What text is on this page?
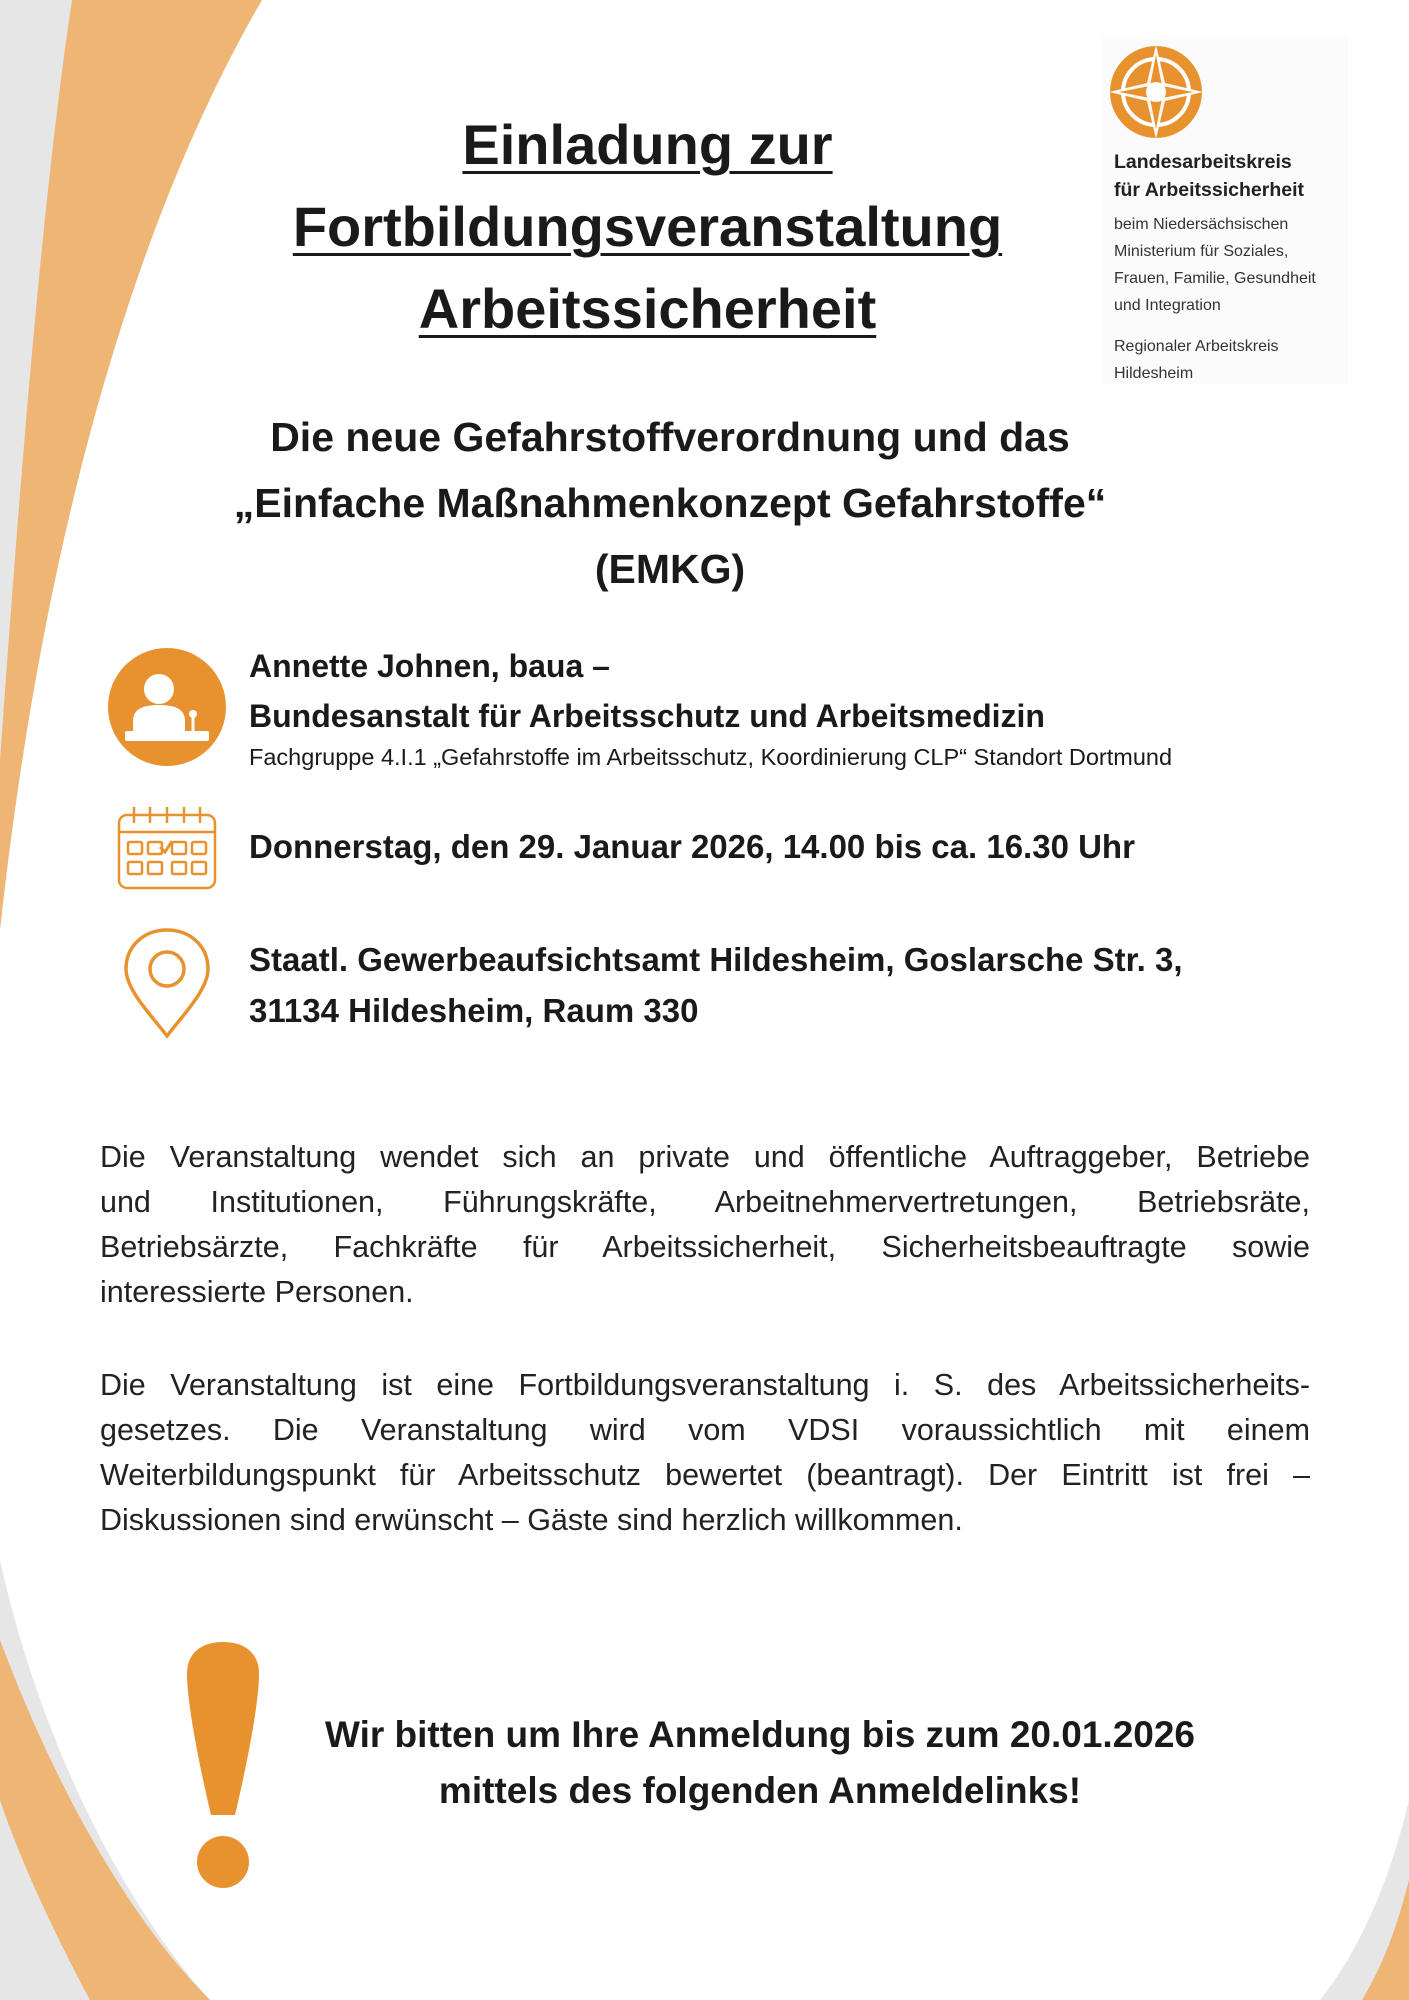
Einladung zur
Fortbildungsveranstaltung
Arbeitssicherheit
Landesarbeitskreis
für Arbeitssicherheit
beim Niedersächsischen
Ministerium für Soziales,
Frauen, Familie, Gesundheit
und Integration
Regionaler Arbeitskreis
Hildesheim
Die neue Gefahrstoffverordnung und das
„Einfache Maßnahmenkonzept Gefahrstoffe“
(EMKG)
Annette Johnen, baua –
Bundesanstalt für Arbeitsschutz und Arbeitsmedizin
Fachgruppe 4.I.1 „Gefahrstoffe im Arbeitsschutz, Koordinierung CLP“ Standort Dortmund
Donnerstag, den 29. Januar 2026, 14.00 bis ca. 16.30 Uhr
Staatl. Gewerbeaufsichtsamt Hildesheim, Goslarsche Str. 3,
31134 Hildesheim, Raum 330
Die Veranstaltung wendet sich an private und öffentliche Auftraggeber, Betriebe
und Institutionen, Führungskräfte, Arbeitnehmervertretungen, Betriebsräte,
Betriebsärzte, Fachkräfte für Arbeitssicherheit, Sicherheitsbeauftragte sowie
interessierte Personen.
Die Veranstaltung ist eine Fortbildungsveranstaltung i. S. des Arbeitssicherheits-
gesetzes. Die Veranstaltung wird vom VDSI voraussichtlich mit einem
Weiterbildungspunkt für Arbeitsschutz bewertet (beantragt). Der Eintritt ist frei –
Diskussionen sind erwünscht – Gäste sind herzlich willkommen.
Wir bitten um Ihre Anmeldung bis zum 20.01.2026
mittels des folgenden Anmeldelinks!
